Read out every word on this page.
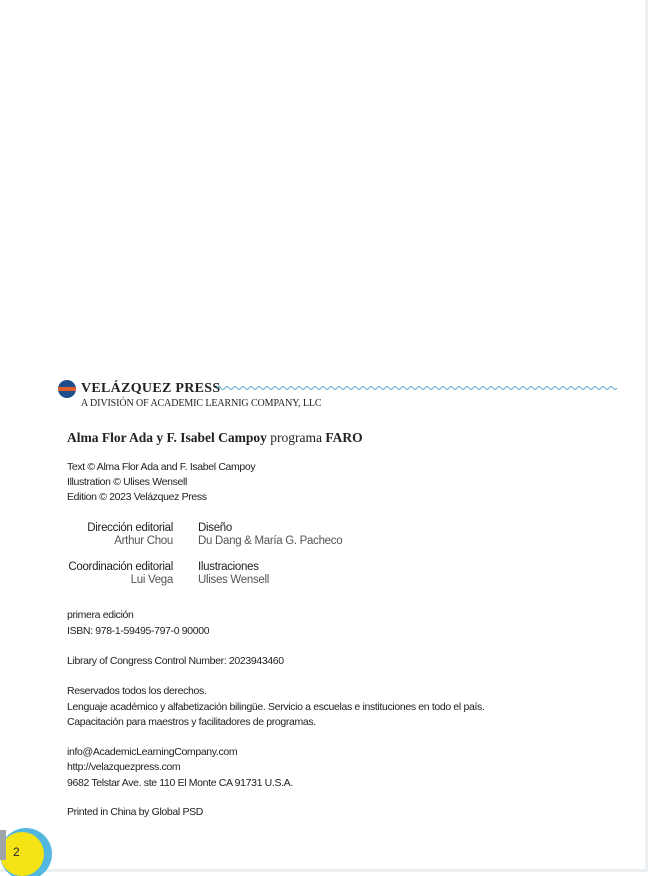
VELÁZQUEZ PRESS
A DIVISIÓN OF ACADEMIC LEARNIG COMPANY, LLC
Alma Flor Ada y F. Isabel Campoy programa FARO
Text © Alma Flor Ada and F. Isabel Campoy
Illustration © Ulises Wensell
Edition © 2023 Velázquez Press
Dirección editorial
Arthur Chou
Diseño
Du Dang & María G. Pacheco
Coordinación editorial
Lui Vega
Ilustraciones
Ulises Wensell
primera edición
ISBN: 978-1-59495-797-0 90000
Library of Congress Control Number: 2023943460
Reservados todos los derechos.
Lenguaje académico y alfabetización bilingüe. Servicio a escuelas e instituciones en todo el país.
Capacitación para maestros y facilitadores de programas.
info@AcademicLearningCompany.com
http://velazquezpress.com
9682 Telstar Ave. ste 110 El Monte CA 91731 U.S.A.
Printed in China by Global PSD
2
